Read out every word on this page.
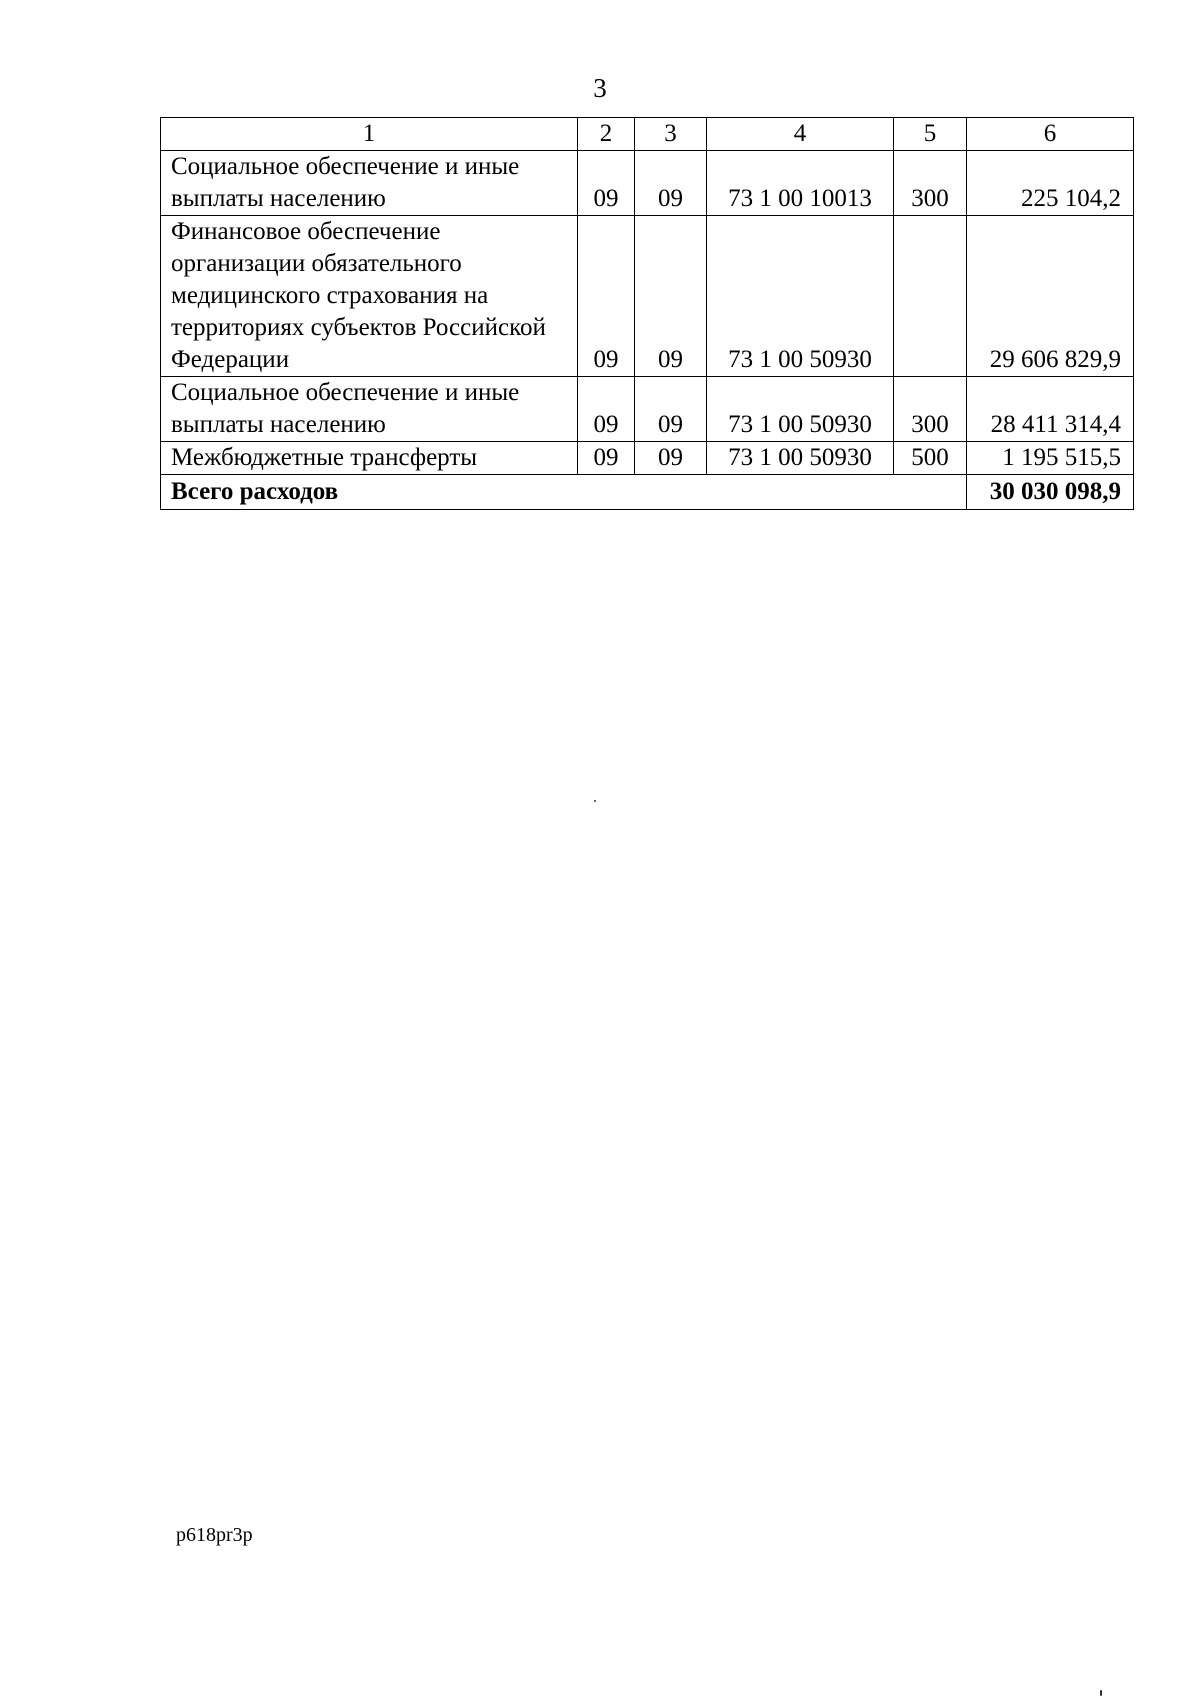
3
1	2	3	4	5	6
Социальное обеспечение и иные выплаты населению	09	09	73 1 00 10013	300	225 104,2
Финансовое обеспечение организации обязательного медицинского страхования на территориях субъектов Российской Федерации	09	09	73 1 00 50930		29 606 829,9
Социальное обеспечение и иные выплаты населению	09	09	73 1 00 50930	300	28 411 314,4
Межбюджетные трансферты	09	09	73 1 00 50930	500	1 195 515,5
Всего расходов					30 030 098,9
p618pr3p
